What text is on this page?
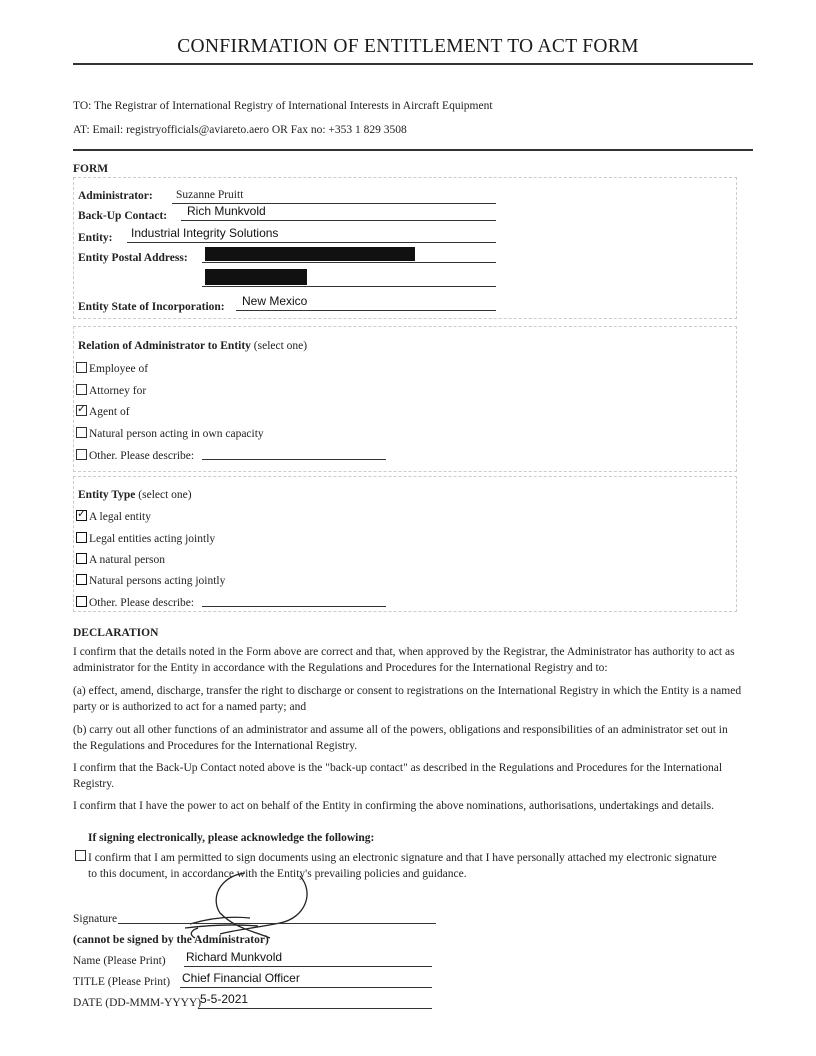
CONFIRMATION OF ENTITLEMENT TO ACT FORM
TO: The Registrar of International Registry of International Interests in Aircraft Equipment
AT: Email: registryofficials@aviareto.aero OR Fax no: +353 1 829 3508
FORM
Administrator:	Suzanne Pruitt
Back-Up Contact:	Rich Munkvold
Entity:	Industrial Integrity Solutions
Entity Postal Address:
Entity State of Incorporation:	New Mexico
Relation of Administrator to Entity (select one)
Employee of
Attorney for
✓Agent of
Natural person acting in own capacity
Other. Please describe:
Entity Type (select one)
✓A legal entity
Legal entities acting jointly
A natural person
Natural persons acting jointly
Other. Please describe:
DECLARATION
I confirm that the details noted in the Form above are correct and that, when approved by the Registrar, the Administrator has authority to act as administrator for the Entity in accordance with the Regulations and Procedures for the International Registry and to:
(a) effect, amend, discharge, transfer the right to discharge or consent to registrations on the International Registry in which the Entity is a named party or is authorized to act for a named party; and
(b) carry out all other functions of an administrator and assume all of the powers, obligations and responsibilities of an administrator set out in the Regulations and Procedures for the International Registry.
I confirm that the Back-Up Contact noted above is the "back-up contact" as described in the Regulations and Procedures for the International Registry.
I confirm that I have the power to act on behalf of the Entity in confirming the above nominations, authorisations, undertakings and details.
If signing electronically, please acknowledge the following:
I confirm that I am permitted to sign documents using an electronic signature and that I have personally attached my electronic signature to this document, in accordance with the Entity's prevailing policies and guidance.
Signature
(cannot be signed by the Administrator)
Name (Please Print) Richard Munkvold
TITLE (Please Print) Chief Financial Officer
DATE (DD-MMM-YYYY)
5-5-2021
